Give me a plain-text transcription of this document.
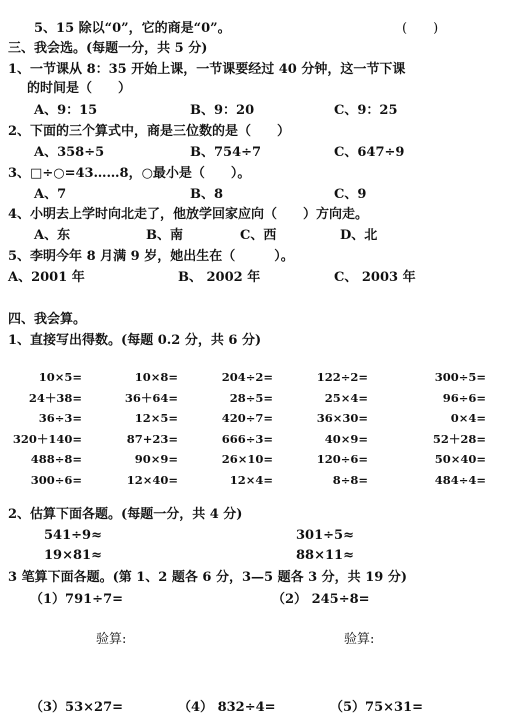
5、15 除以“0”，它的商是“0”。	(　　)
三、我会选。(每题一分，共 5 分)
1、一节课从 8：35 开始上课，一节课要经过 40 分钟，这一节下课
的时间是（　　）
A、9：15	B、9：20	C、9：25
2、下面的三个算式中，商是三位数的是（　　）
A、358÷5	B、754÷7	C、647÷9
3、□÷○=43……8，○最小是（　　）。
A、7	B、8	C、9
4、小明去上学时向北走了，他放学回家应向（　　）方向走。
A、东	B、南	C、西	D、北
5、李明今年 8 月满 9 岁，她出生在（　　　）。
A、2001 年	B、 2002 年	C、 2003 年
四、我会算。
1、直接写出得数。(每题 0.2 分，共 6 分)
10×5=	10×8=	204÷2=	122÷2=	300÷5=
24＋38=	36＋64=	28÷5=	25×4=	96÷6=
36÷3=	12×5=	420÷7=	36×30=	0×4=
320＋140=	87+23=	666÷3=	40×9=	52＋28=
488÷8=	90×9=	26×10=	120÷6=	50×40=
300÷6=	12×40=	12×4=	8÷8=	484÷4=
2、估算下面各题。(每题一分，共 4 分)
541÷9≈	301÷5≈
19×81≈	88×11≈
3 笔算下面各题。(第 1、2 题各 6 分，3—5 题各 3 分，共 19 分)
（1）791÷7=	（2） 245÷8=
验算:	验算:
（3）53×27=	（4） 832÷4=	（5）75×31=
